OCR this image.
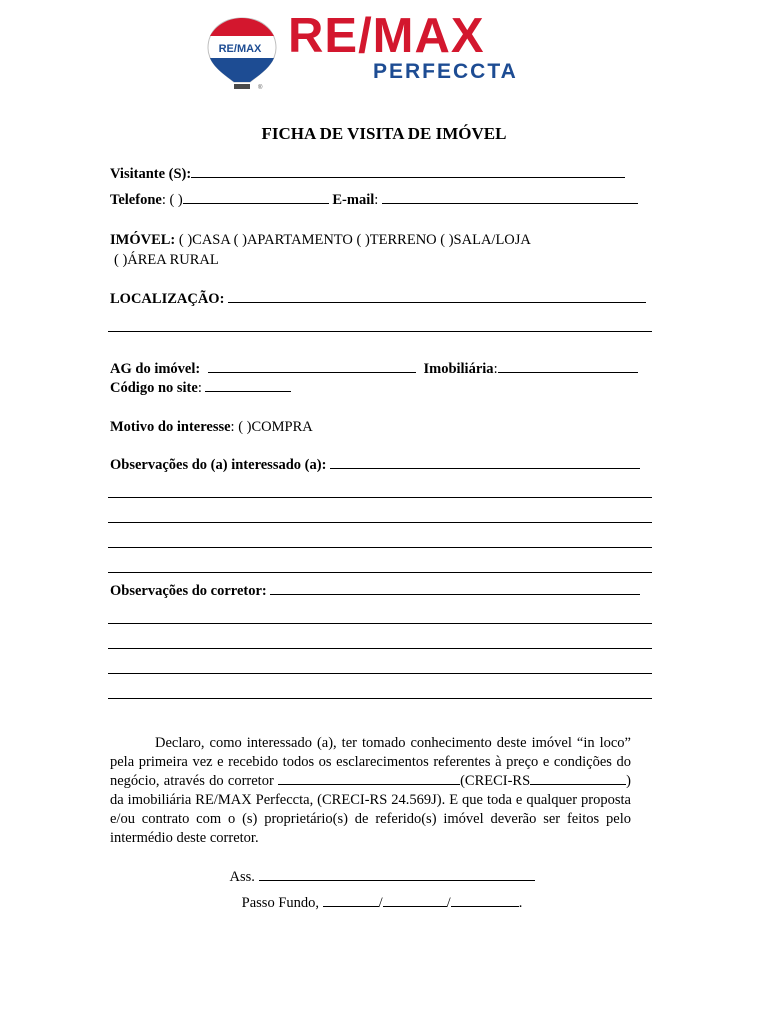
RE/MAX
®
RE/MAX
PERFECCTA
FICHA DE VISITA DE IMÓVEL
Visitante (S):
Telefone: ( )	E-mail:
IMÓVEL: ( )CASA ( )APARTAMENTO ( )TERRENO ( )SALA/LOJA
( )ÁREA RURAL
LOCALIZAÇÃO:
AG do imóvel:	Imobiliária:
Código no site:
Motivo do interesse: ( )COMPRA
Observações do (a) interessado (a):
Observações do corretor:
Declaro, como interessado (a), ter tomado conhecimento deste imóvel “in loco” pela primeira vez e recebido todos os esclarecimentos referentes à preço e condições do negócio, através do corretor	(CRECI-RS	) da imobiliária RE/MAX Perfeccta, (CRECI-RS 24.569J). E que toda e qualquer proposta e/ou contrato com o (s) proprietário(s) de referido(s) imóvel deverão ser feitos pelo intermédio deste corretor.
Ass.
Passo Fundo,	/	/	.
